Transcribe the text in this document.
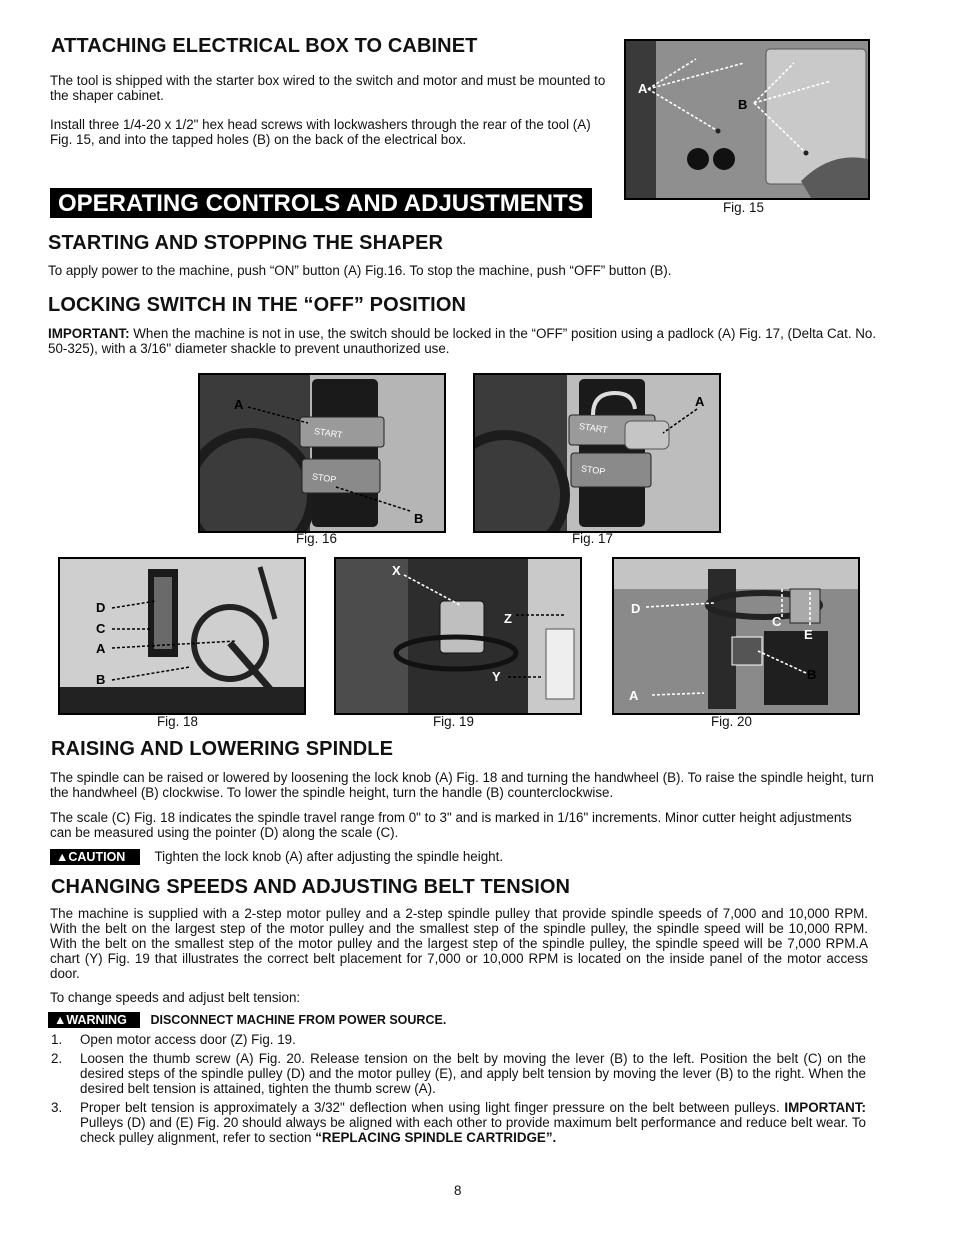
ATTACHING ELECTRICAL BOX TO CABINET
The tool is shipped with the starter box wired to the switch and motor and must be mounted to the shaper cabinet.
Install three 1/4-20 x 1/2" hex head screws with lockwashers through the rear of the tool (A) Fig. 15, and into the tapped holes (B) on the back of the electrical box.
A
B
Fig. 15
OPERATING CONTROLS AND ADJUSTMENTS
STARTING AND STOPPING THE SHAPER
To apply power to the machine, push “ON” button (A) Fig.16. To stop the machine, push “OFF” button (B).
LOCKING SWITCH IN THE “OFF” POSITION
IMPORTANT: When the machine is not in use, the switch should be locked in the “OFF” position using a padlock (A) Fig. 17, (Delta Cat. No. 50-325), with a 3/16" diameter shackle to prevent unauthorized use.
START
STOP
A
B
Fig. 16
START
STOP
A
Fig. 17
D
C
A
B
Fig. 18
X
Z
Y
Fig. 19
D
C
E
B
A
Fig. 20
RAISING AND LOWERING SPINDLE
The spindle can be raised or lowered by loosening the lock knob (A) Fig. 18 and turning the handwheel (B). To raise the spindle height, turn the handwheel (B) clockwise. To lower the spindle height, turn the handle (B) counterclockwise.
The scale (C) Fig. 18 indicates the spindle travel range from 0" to 3" and is marked in 1/16" increments. Minor cutter height adjustments can be measured using the pointer (D) along the scale (C).
▲CAUTION Tighten the lock knob (A) after adjusting the spindle height.
CHANGING SPEEDS AND ADJUSTING BELT TENSION
The machine is supplied with a 2-step motor pulley and a 2-step spindle pulley that provide spindle speeds of 7,000 and 10,000 RPM. With the belt on the largest step of the motor pulley and the smallest step of the spindle pulley, the spindle speed will be 10,000 RPM. With the belt on the smallest step of the motor pulley and the largest step of the spindle pulley, the spindle speed will be 7,000 RPM.A chart (Y) Fig. 19 that illustrates the correct belt placement for 7,000 or 10,000 RPM is located on the inside panel of the motor access door.
To change speeds and adjust belt tension:
▲WARNING DISCONNECT MACHINE FROM POWER SOURCE.
1. Open motor access door (Z) Fig. 19.
2. Loosen the thumb screw (A) Fig. 20. Release tension on the belt by moving the lever (B) to the left. Position the belt (C) on the desired steps of the spindle pulley (D) and the motor pulley (E), and apply belt tension by moving the lever (B) to the right. When the desired belt tension is attained, tighten the thumb screw (A).
3. Proper belt tension is approximately a 3/32" deflection when using light finger pressure on the belt between pulleys. IMPORTANT: Pulleys (D) and (E) Fig. 20 should always be aligned with each other to provide maximum belt performance and reduce belt wear. To check pulley alignment, refer to section “REPLACING SPINDLE CARTRIDGE”.
8
